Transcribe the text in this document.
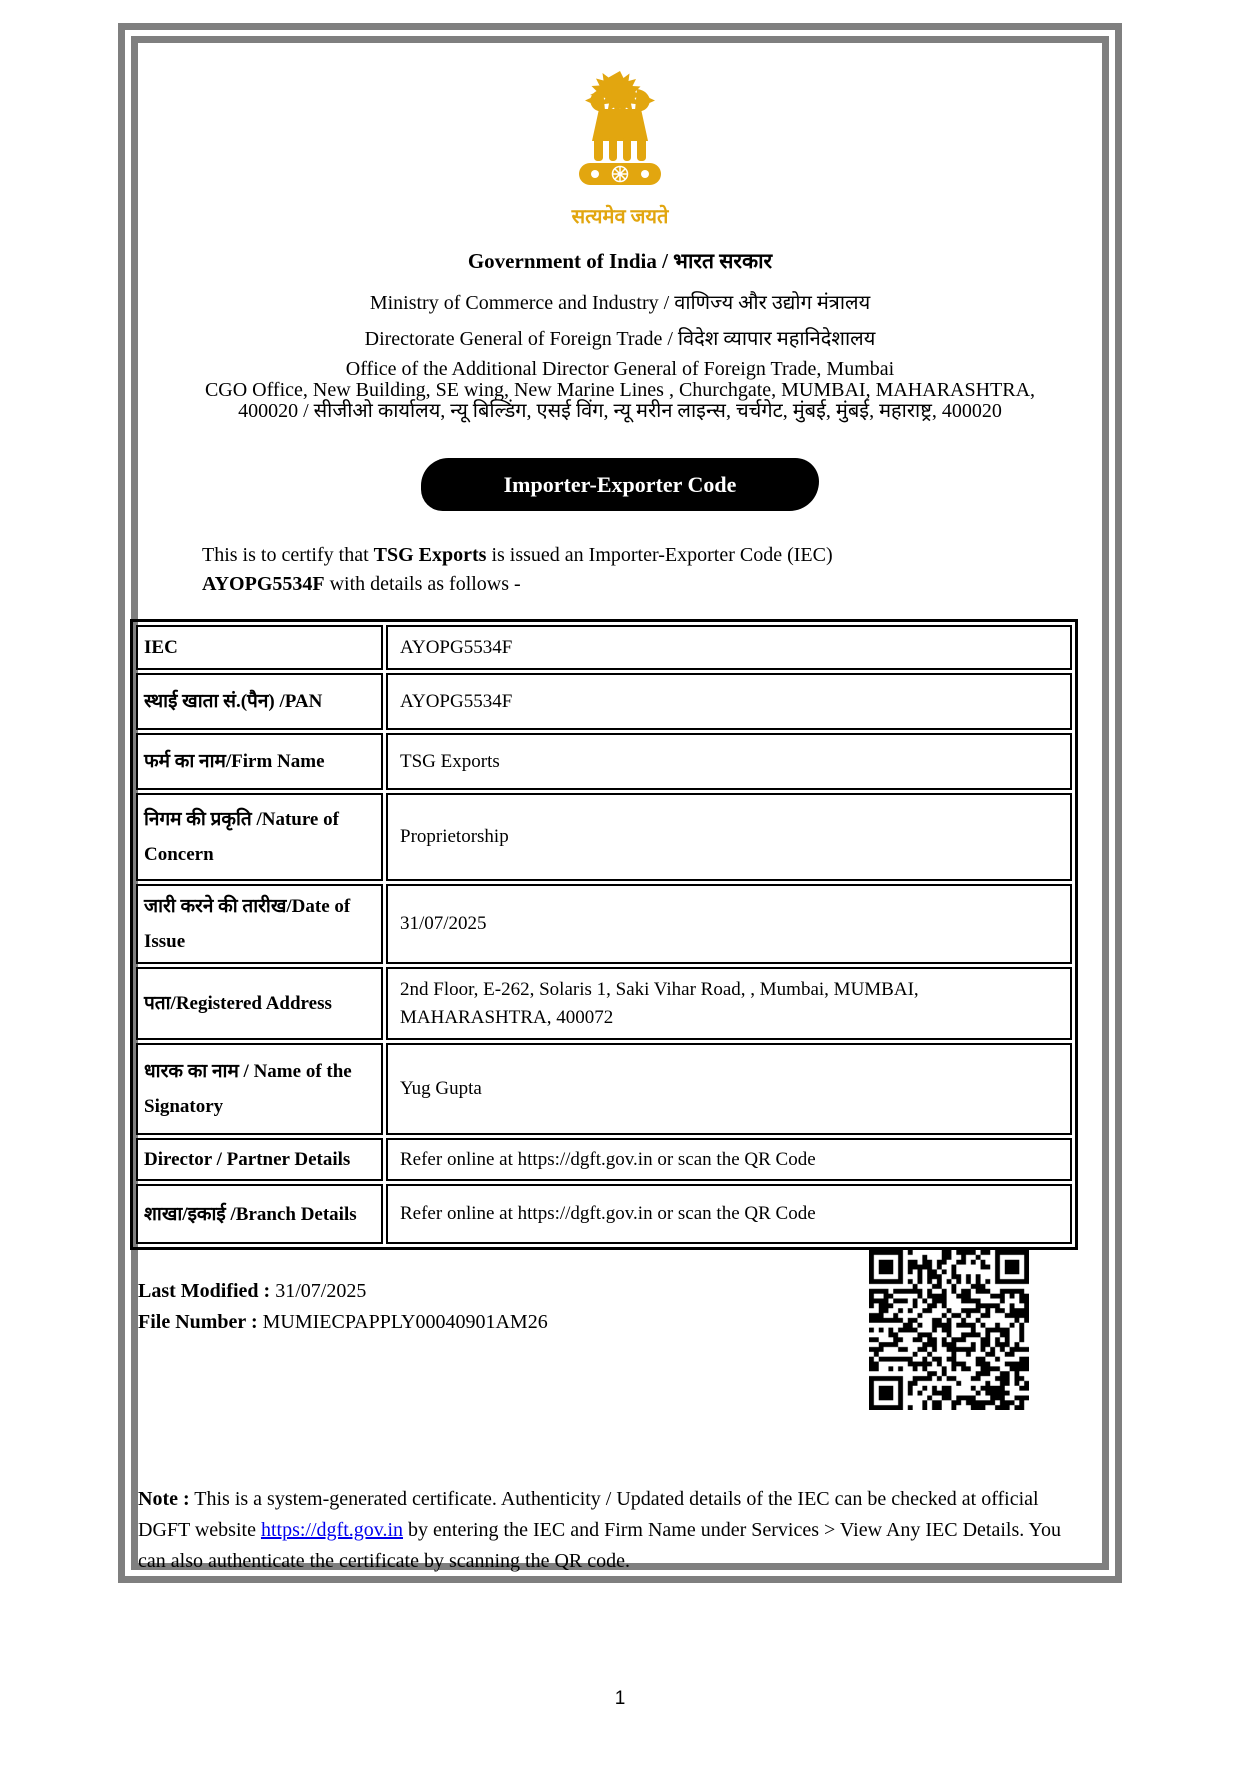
सत्यमेव जयते
Government of India / भारत सरकार
Ministry of Commerce and Industry / वाणिज्य और उद्योग मंत्रालय
Directorate General of Foreign Trade / विदेश व्यापार महानिदेशालय
Office of the Additional Director General of Foreign Trade, Mumbai
CGO Office, New Building, SE wing, New Marine Lines , Churchgate, MUMBAI, MAHARASHTRA,
400020 / सीजीओ कार्यालय, न्यू बिल्डिंग, एसई विंग, न्यू मरीन लाइन्स, चर्चगेट, मुंबई, मुंबई, महाराष्ट्र, 400020
Importer-Exporter Code

This is to certify that TSG Exports is issued an Importer-Exporter Code (IEC) AYOPG5534F with details as follows -

IEC	AYOPG5534F
स्थाई खाता सं.(पैन) /PAN	AYOPG5534F
फर्म का नाम/Firm Name	TSG Exports
निगम की प्रकृति /Nature of Concern	Proprietorship
जारी करने की तारीख/Date of Issue	31/07/2025
पता/Registered Address	2nd Floor, E-262, Solaris 1, Saki Vihar Road, , Mumbai, MUMBAI, MAHARASHTRA, 400072
धारक का नाम / Name of the Signatory	Yug Gupta
Director / Partner Details	Refer online at https://dgft.gov.in or scan the QR Code
शाखा/इकाई /Branch Details	Refer online at https://dgft.gov.in or scan the QR Code
Last Modified : 31/07/2025
File Number : MUMIECPAPPLY00040901AM26

Note : This is a system-generated certificate. Authenticity / Updated details of the IEC can be checked at official DGFT website https://dgft.gov.in by entering the IEC and Firm Name under Services > View Any IEC Details. You can also authenticate the certificate by scanning the QR code.

1
